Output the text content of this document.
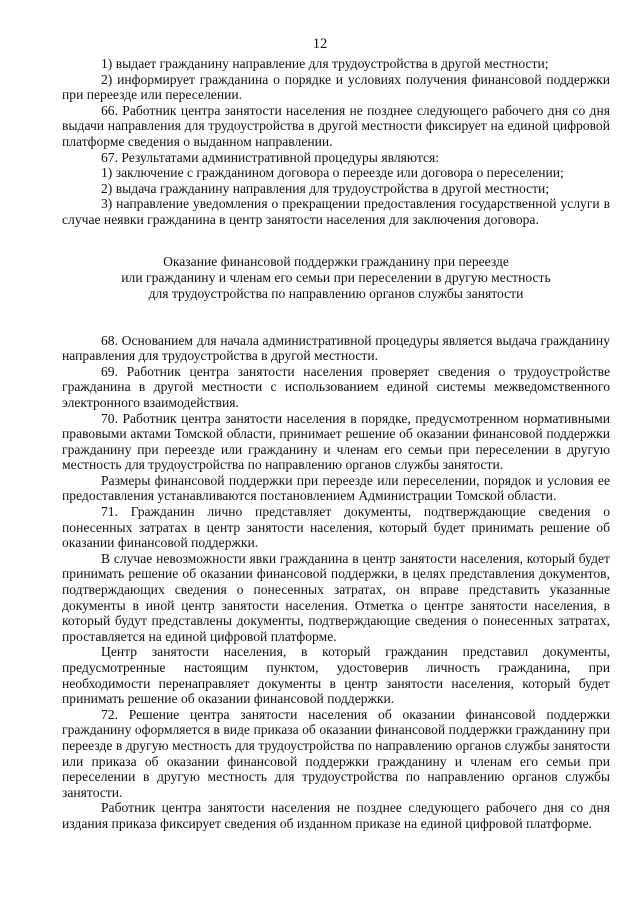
12

1) выдает гражданину направление для трудоустройства в другой местности;

2) информирует гражданина о порядке и условиях получения финансовой поддержки при переезде или переселении.

66. Работник центра занятости населения не позднее следующего рабочего дня со дня выдачи направления для трудоустройства в другой местности фиксирует на единой цифровой платформе сведения о выданном направлении.

67. Результатами административной процедуры являются:

1) заключение с гражданином договора о переезде или договора о переселении;

2) выдача гражданину направления для трудоустройства в другой местности;

3) направление уведомления о прекращении предоставления государственной услуги в случае неявки гражданина в центр занятости населения для заключения договора.

Оказание финансовой поддержки гражданину при переезде
или гражданину и членам его семьи при переселении в другую местность
для трудоустройства по направлению органов службы занятости

68. Основанием для начала административной процедуры является выдача гражданину направления для трудоустройства в другой местности.

69. Работник центра занятости населения проверяет сведения о трудоустройстве гражданина в другой местности с использованием единой системы межведомственного электронного взаимодействия.

70. Работник центра занятости населения в порядке, предусмотренном нормативными правовыми актами Томской области, принимает решение об оказании финансовой поддержки гражданину при переезде или гражданину и членам его семьи при переселении в другую местность для трудоустройства по направлению органов службы занятости.

Размеры финансовой поддержки при переезде или переселении, порядок и условия ее предоставления устанавливаются постановлением Администрации Томской области.

71. Гражданин лично представляет документы, подтверждающие сведения о понесенных затратах в центр занятости населения, который будет принимать решение об оказании финансовой поддержки.

В случае невозможности явки гражданина в центр занятости населения, который будет принимать решение об оказании финансовой поддержки, в целях представления документов, подтверждающих сведения о понесенных затратах, он вправе представить указанные документы в иной центр занятости населения. Отметка о центре занятости населения, в который будут представлены документы, подтверждающие сведения о понесенных затратах, проставляется на единой цифровой платформе.

Центр занятости населения, в который гражданин представил документы, предусмотренные настоящим пунктом, удостоверив личность гражданина, при необходимости перенаправляет документы в центр занятости населения, который будет принимать решение об оказании финансовой поддержки.

72. Решение центра занятости населения об оказании финансовой поддержки гражданину оформляется в виде приказа об оказании финансовой поддержки гражданину при переезде в другую местность для трудоустройства по направлению органов службы занятости или приказа об оказании финансовой поддержки гражданину и членам его семьи при переселении в другую местность для трудоустройства по направлению органов службы занятости.

Работник центра занятости населения не позднее следующего рабочего дня со дня издания приказа фиксирует сведения об изданном приказе на единой цифровой платформе.
